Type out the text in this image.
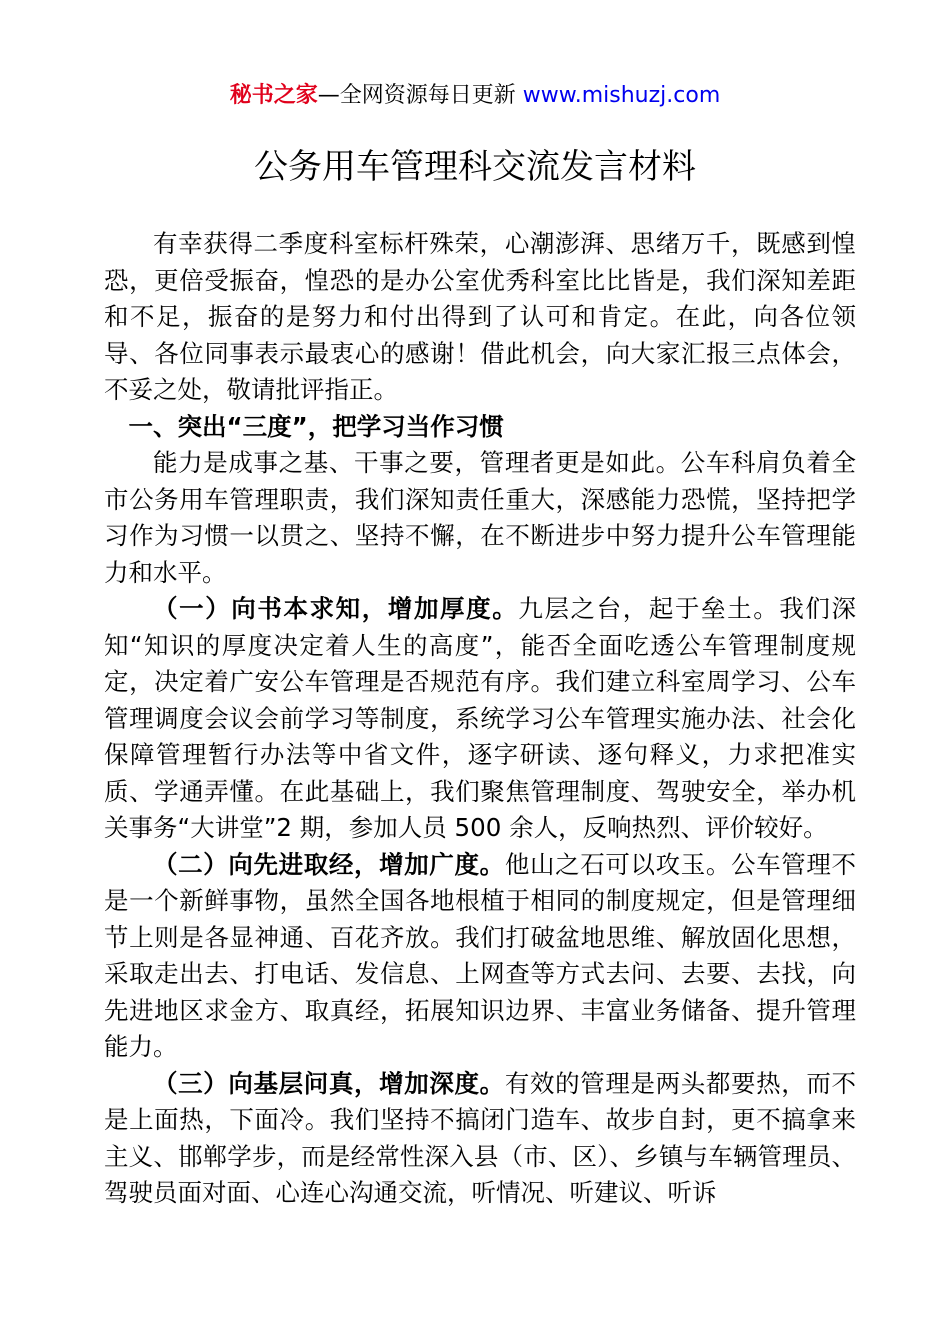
秘书之家—全网资源每日更新 www.mishuzj.com
公务用车管理科交流发言材料

有幸获得二季度科室标杆殊荣，心潮澎湃、思绪万千，既感到惶恐，更倍受振奋，惶恐的是办公室优秀科室比比皆是，我们深知差距和不足，振奋的是努力和付出得到了认可和肯定。在此，向各位领导、各位同事表示最衷心的感谢！借此机会，向大家汇报三点体会，不妥之处，敬请批评指正。

一、突出“三度”，把学习当作习惯

能力是成事之基、干事之要，管理者更是如此。公车科肩负着全市公务用车管理职责，我们深知责任重大，深感能力恐慌，坚持把学习作为习惯一以贯之、坚持不懈，在不断进步中努力提升公车管理能力和水平。

（一）向书本求知，增加厚度。九层之台，起于垒土。我们深知“知识的厚度决定着人生的高度”，能否全面吃透公车管理制度规定，决定着广安公车管理是否规范有序。我们建立科室周学习、公车管理调度会议会前学习等制度，系统学习公车管理实施办法、社会化保障管理暂行办法等中省文件，逐字研读、逐句释义，力求把准实质、学通弄懂。在此基础上，我们聚焦管理制度、驾驶安全，举办机关事务“大讲堂”2 期，参加人员 500 余人，反响热烈、评价较好。

（二）向先进取经，增加广度。他山之石可以攻玉。公车管理不是一个新鲜事物，虽然全国各地根植于相同的制度规定，但是管理细节上则是各显神通、百花齐放。我们打破盆地思维、解放固化思想，采取走出去、打电话、发信息、上网查等方式去问、去要、去找，向先进地区求金方、取真经，拓展知识边界、丰富业务储备、提升管理能力。

（三）向基层问真，增加深度。有效的管理是两头都要热，而不是上面热，下面冷。我们坚持不搞闭门造车、故步自封，更不搞拿来主义、邯郸学步，而是经常性深入县（市、区）、乡镇与车辆管理员、驾驶员面对面、心连心沟通交流，听情况、听建议、听诉
